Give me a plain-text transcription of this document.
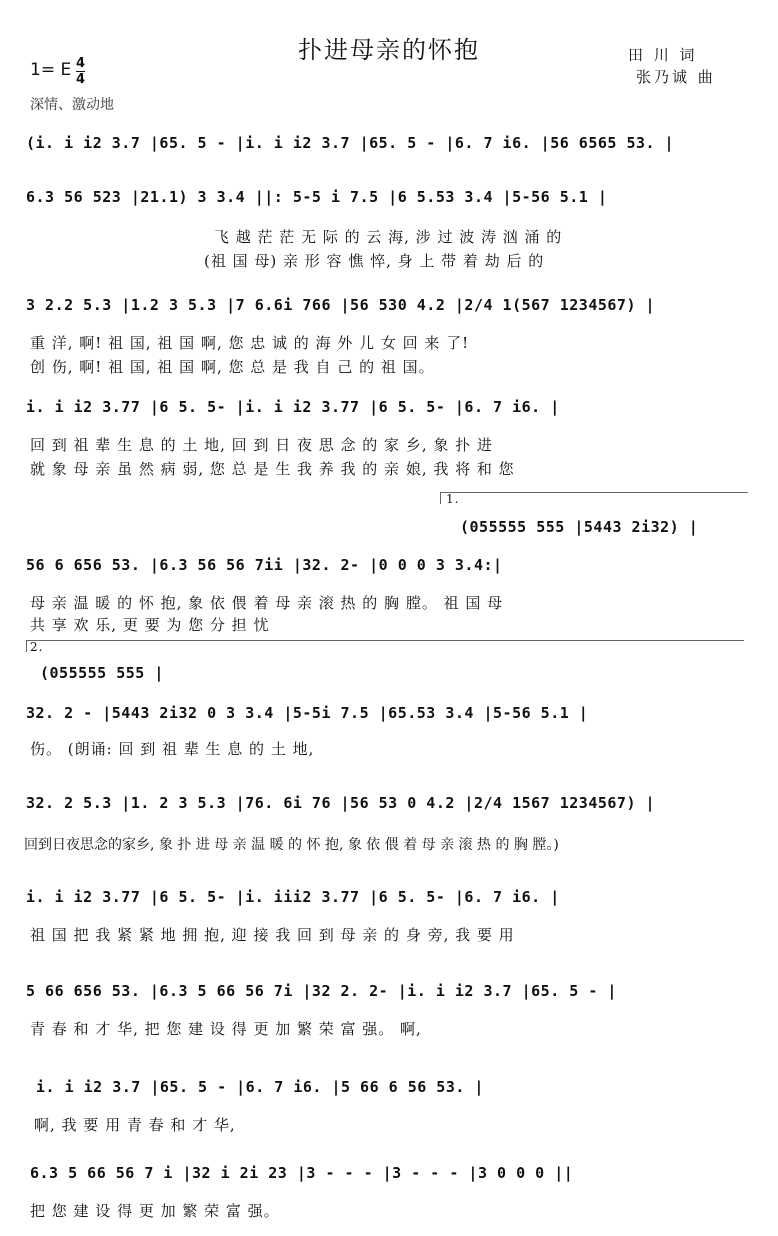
扑进母亲的怀抱	田 川 词
张乃诚 曲
1= E 4
4
深情、激动地
(i. i i2 3.7 |65. 5 - |i. i i2 3.7 |65. 5 - |6. 7 i6. |56 6565 53. |
6.3 56 523 |21.1) 3 3.4 ||: 5-5 i 7.5 |6 5.53 3.4 |5-56 5.1 |
3 2.2 5.3 |1.2 3 5.3 |7 6.6i 766 |56 530 4.2 |2/4 1(567 1234567) |
i. i i2 3.77 |6 5. 5- |i. i i2 3.77 |6 5. 5- |6. 7 i6. |
1.
(055555 555 |5443 2i32) |
56 6 656 53. |6.3 56 56 7ii |32. 2- |0 0 0 3 3.4:|
2.
(055555 555 |
32. 2 - |5443 2i32 0 3 3.4 |5-5i 7.5 |65.53 3.4 |5-56 5.1 |
32. 2 5.3 |1. 2 3 5.3 |76. 6i 76 |56 53 0 4.2 |2/4 1567 1234567) |
i. i i2 3.77 |6 5. 5- |i. iii2 3.77 |6 5. 5- |6. 7 i6. |
5 66 656 53. |6.3 5 66 56 7i |32 2. 2- |i. i i2 3.7 |65. 5 - |
i. i i2 3.7 |65. 5 - |6. 7 i6. |5 66 6 56 53. |
6.3 5 66 56 7 i |32 i 2i 23 |3 - - - |3 - - - |3 0 0 0 ||
飞 越 茫 茫 无 际 的 云 海, 涉 过 波 涛 汹 涌 的
(祖 国 母) 亲 形 容 憔 悴, 身 上 带 着 劫 后 的
重 洋, 啊! 祖 国, 祖 国 啊, 您 忠 诚 的 海 外 儿 女 回 来 了!
创 伤, 啊! 祖 国, 祖 国 啊, 您 总 是 我 自 己 的 祖 国。
回 到 祖 辈 生 息 的 土 地, 回 到 日 夜 思 念 的 家 乡, 象 扑 进
就 象 母 亲 虽 然 病 弱, 您 总 是 生 我 养 我 的 亲 娘, 我 将 和 您
母 亲 温 暖 的 怀 抱, 象 依 偎 着 母 亲 滚 热 的 胸 膛。 祖 国 母
共 享 欢 乐, 更 要 为 您 分 担 忧
伤。 (朗诵: 回 到 祖 辈 生 息 的 土 地,
回到日夜思念的家乡, 象 扑 进 母 亲 温 暖 的 怀 抱, 象 依 偎 着 母 亲 滚 热 的 胸 膛。)
祖 国 把 我 紧 紧 地 拥 抱, 迎 接 我 回 到 母 亲 的 身 旁, 我 要 用
青 春 和 才 华, 把 您 建 设 得 更 加 繁 荣 富 强。 啊,
啊, 我 要 用 青 春 和 才 华,
把 您 建 设 得 更 加 繁 荣 富 强。
